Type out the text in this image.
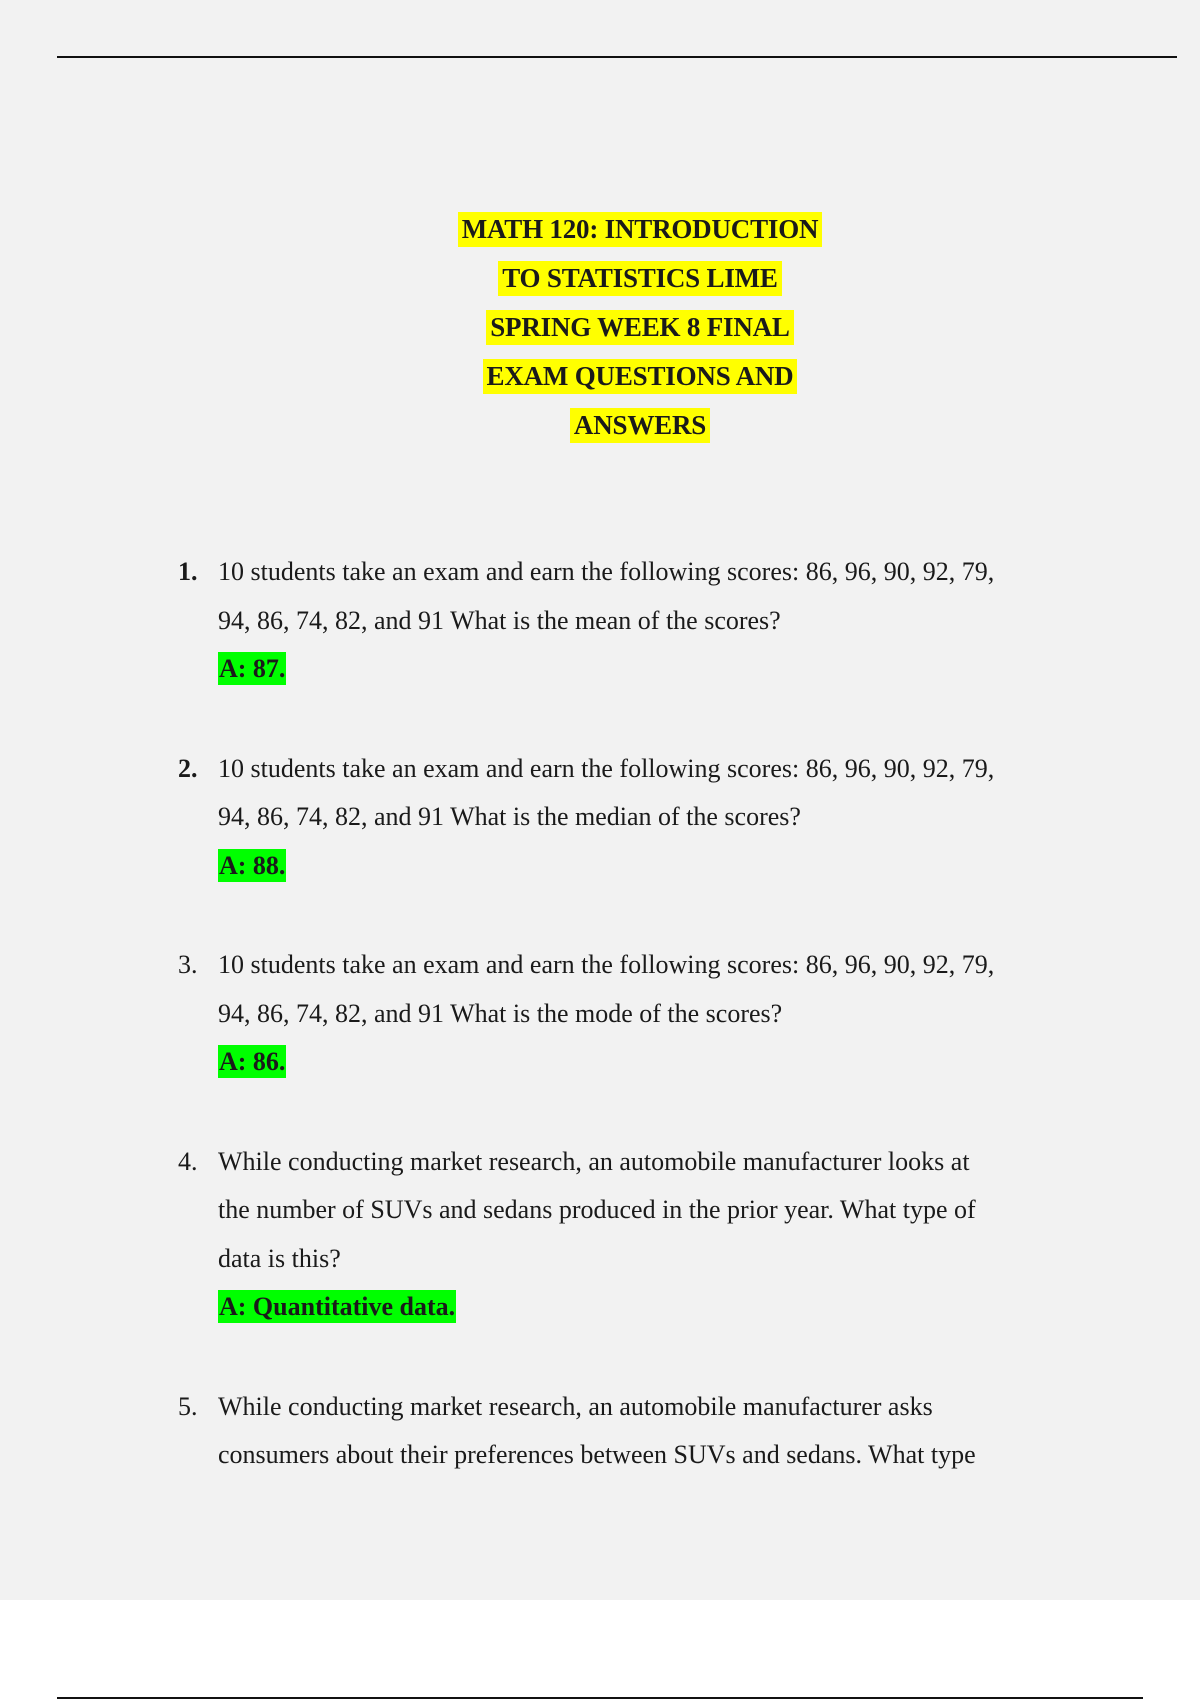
MATH 120: INTRODUCTION
TO STATISTICS LIME
SPRING WEEK 8 FINAL
EXAM QUESTIONS AND
ANSWERS
1. 10 students take an exam and earn the following scores: 86, 96, 90, 92, 79,
94, 86, 74, 82, and 91 What is the mean of the scores?
A: 87.
2. 10 students take an exam and earn the following scores: 86, 96, 90, 92, 79,
94, 86, 74, 82, and 91 What is the median of the scores?
A: 88.
3. 10 students take an exam and earn the following scores: 86, 96, 90, 92, 79,
94, 86, 74, 82, and 91 What is the mode of the scores?
A: 86.
4. While conducting market research, an automobile manufacturer looks at
the number of SUVs and sedans produced in the prior year. What type of
data is this?
A: Quantitative data.
5. While conducting market research, an automobile manufacturer asks
consumers about their preferences between SUVs and sedans. What type
